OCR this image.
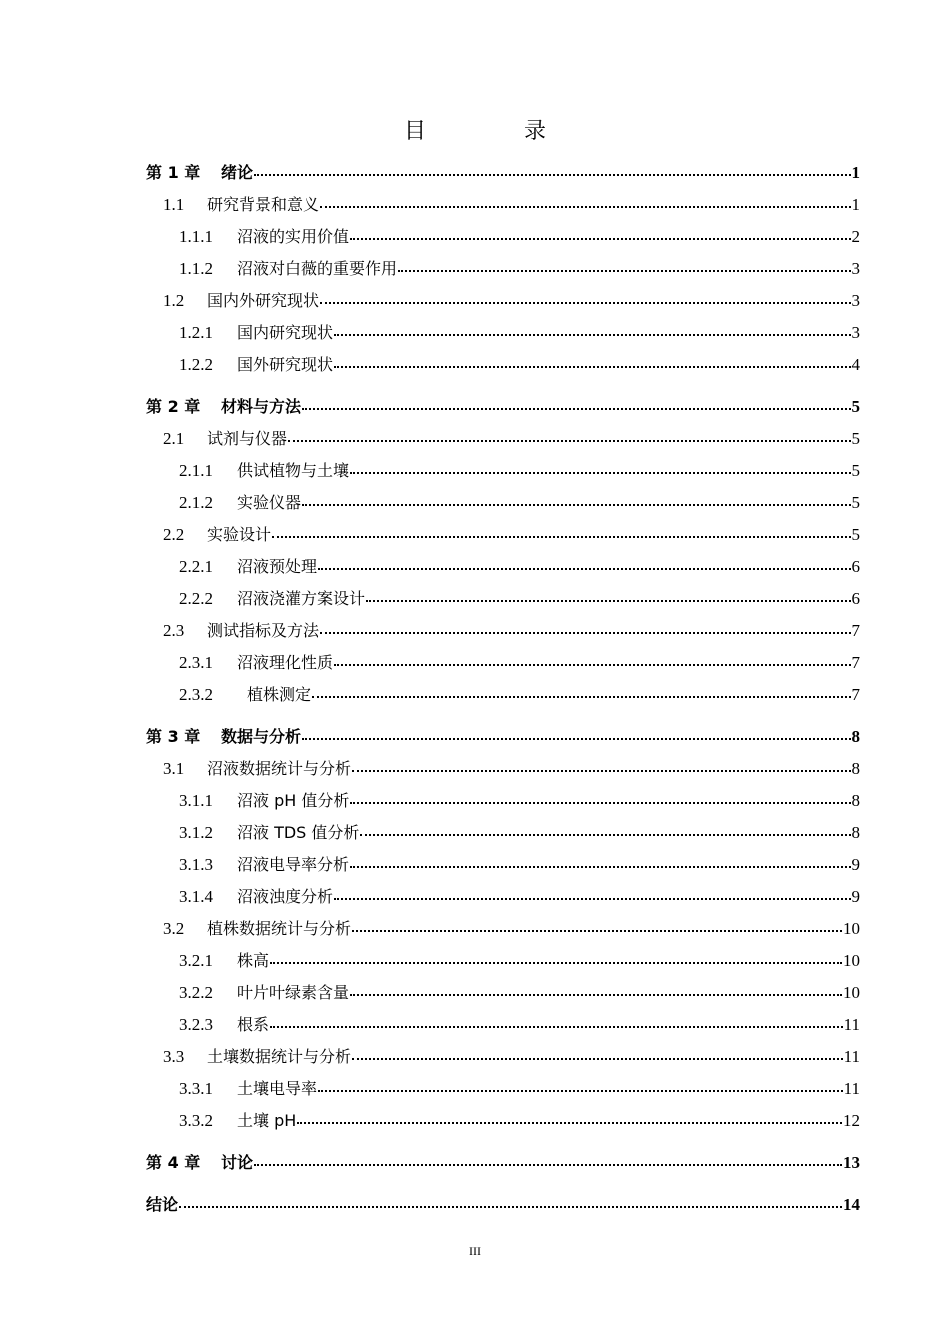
目　录
第 1 章	绪论	1
1.1	研究背景和意义	1
1.1.1	沼液的实用价值	2
1.1.2	沼液对白薇的重要作用	3
1.2	国内外研究现状	3
1.2.1	国内研究现状	3
1.2.2	国外研究现状	4
第 2 章	材料与方法	5
2.1	试剂与仪器	5
2.1.1	供试植物与土壤	5
2.1.2	实验仪器	5
2.2	实验设计	5
2.2.1	沼液预处理	6
2.2.2	沼液浇灌方案设计	6
2.3	测试指标及方法	7
2.3.1	沼液理化性质	7
2.3.2	植株测定	7
第 3 章	数据与分析	8
3.1	沼液数据统计与分析	8
3.1.1	沼液 pH 值分析	8
3.1.2	沼液 TDS 值分析	8
3.1.3	沼液电导率分析	9
3.1.4	沼液浊度分析	9
3.2	植株数据统计与分析	10
3.2.1	株高	10
3.2.2	叶片叶绿素含量	10
3.2.3	根系	11
3.3	土壤数据统计与分析	11
3.3.1	土壤电导率	11
3.3.2	土壤 pH	12
第 4 章	讨论	13
结论	14
III
